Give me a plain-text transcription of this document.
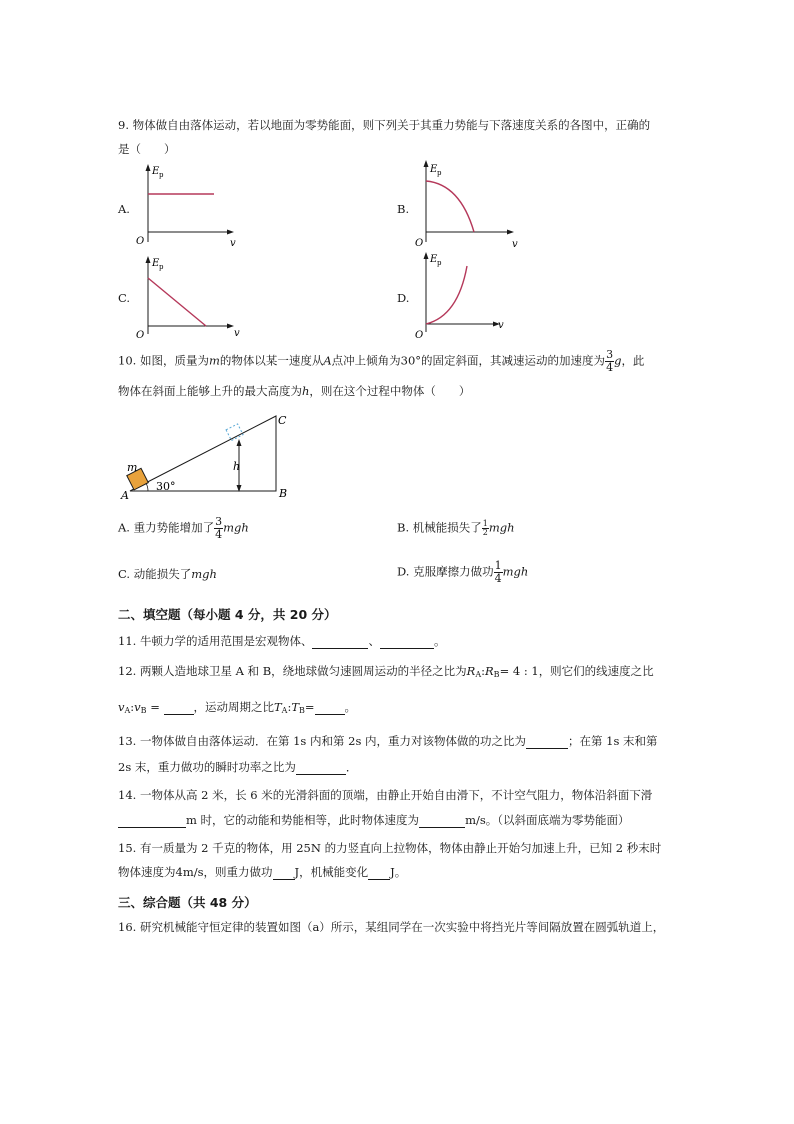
9. 物体做自由落体运动，若以地面为零势能面，则下列关于其重力势能与下落速度关系的各图中，正确的
是（　　）
A.	B.
C.	D.
E p
O	v
E p
O	v
E p
O	v
E p
O
v
10. 如图，质量为m的物体以某一速度从A点冲上倾角为30°的固定斜面，其减速运动的加速度为 $\frac{3}{4}$ g，此
物体在斜面上能够上升的最大高度为h，则在这个过程中物体（　　）
m
A
30°
h
C
B
A. 重力势能增加了 $\frac{3}{4}$ mgh	B. 机械能损失了 $\frac{1}{2}$ mgh
C. 动能损失了mgh	D. 克服摩擦力做功 $\frac{1}{4}$ mgh
二、填空题（每小题 4 分，共 20 分）
11. 牛顿力学的适用范围是宏观物体、	、	。
12. 两颗人造地球卫星 A 和 B，绕地球做匀速圆周运动的半径之比为$R_A:R_B= 4$ : 1，则它们的线速度之比
$v_A:v_B$ =	，运动周期之比$T_A:T_B=$	。
13. 一物体做自由落体运动．在第 1s 内和第 2s 内，重力对该物体做的功之比为	；在第 1s 末和第
2s 末，重力做功的瞬时功率之比为	．
14. 一物体从高 2 米，长 6 米的光滑斜面的顶端，由静止开始自由滑下，不计空气阻力，物体沿斜面下滑
m 时，它的动能和势能相等，此时物体速度为	m/s。（以斜面底端为零势能面）
15. 有一质量为 2 千克的物体，用 25N 的力竖直向上拉物体，物体由静止开始匀加速上升，已知 2 秒末时
物体速度为4m/s，则重力做功 J，机械能变化 J。
三、综合题（共 48 分）
16. 研究机械能守恒定律的装置如图（a）所示，某组同学在一次实验中将挡光片等间隔放置在圆弧轨道上，
